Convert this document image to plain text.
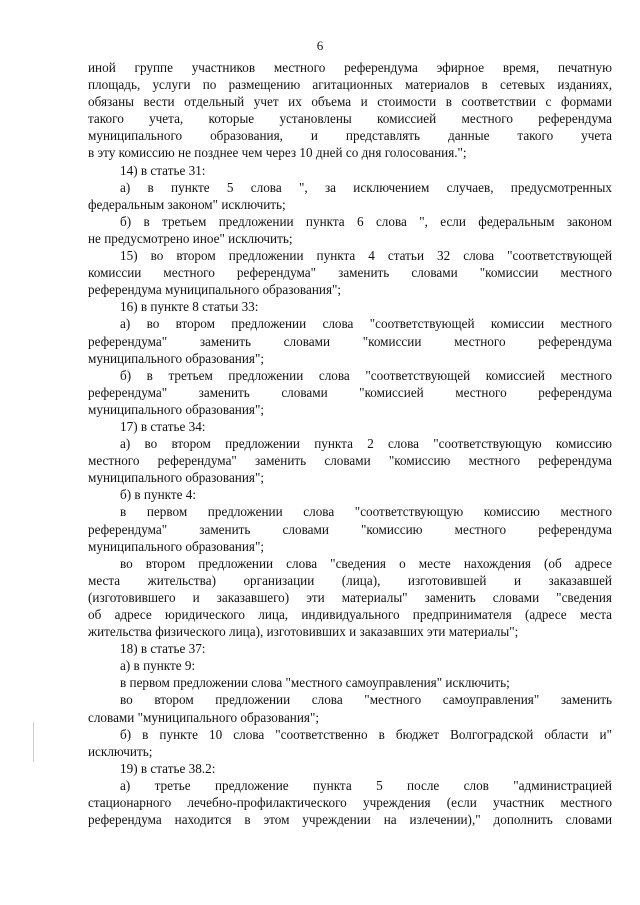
6

иной группе участников местного референдума эфирное время, печатную

площадь, услуги по размещению агитационных материалов в сетевых изданиях,

обязаны вести отдельный учет их объема и стоимости в соответствии с формами

такого учета, которые установлены комиссией местного референдума

муниципального образования, и представлять данные такого учета

в эту комиссию не позднее чем через 10 дней со дня голосования.";

14) в статье 31:

а) в пункте 5 слова ", за исключением случаев, предусмотренных

федеральным законом" исключить;

б) в третьем предложении пункта 6 слова ", если федеральным законом

не предусмотрено иное" исключить;

15) во втором предложении пункта 4 статьи 32 слова "соответствующей

комиссии местного референдума" заменить словами "комиссии местного

референдума муниципального образования";

16) в пункте 8 статьи 33:

а) во втором предложении слова "соответствующей комиссии местного

референдума" заменить словами "комиссии местного референдума

муниципального образования";

б) в третьем предложении слова "соответствующей комиссией местного

референдума" заменить словами "комиссией местного референдума

муниципального образования";

17) в статье 34:

а) во втором предложении пункта 2 слова "соответствующую комиссию

местного референдума" заменить словами "комиссию местного референдума

муниципального образования";

б) в пункте 4:

в первом предложении слова "соответствующую комиссию местного

референдума" заменить словами "комиссию местного референдума

муниципального образования";

во втором предложении слова "сведения о месте нахождения (об адресе

места жительства) организации (лица), изготовившей и заказавшей

(изготовившего и заказавшего) эти материалы" заменить словами "сведения

об адресе юридического лица, индивидуального предпринимателя (адресе места

жительства физического лица), изготовивших и заказавших эти материалы";

18) в статье 37:

а) в пункте 9:

в первом предложении слова "местного самоуправления" исключить;

во втором предложении слова "местного самоуправления" заменить

словами "муниципального образования";

б) в пункте 10 слова "соответственно в бюджет Волгоградской области и"

исключить;

19) в статье 38.2:

а) третье предложение пункта 5 после слов "администрацией

стационарного лечебно-профилактического учреждения (если участник местного

референдума находится в этом учреждении на излечении)," дополнить словами
